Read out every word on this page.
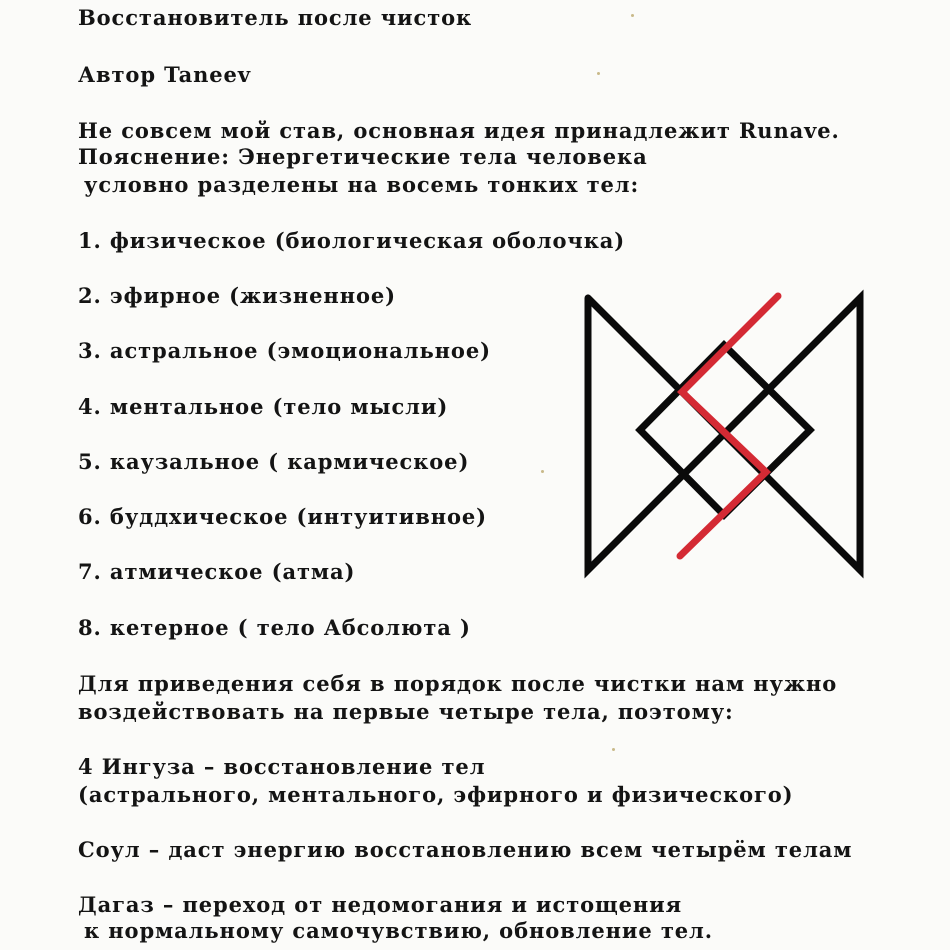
Восстановитель после чисток
Автор Taneev
Не совсем мой став, основная идея принадлежит Runave.
Пояснение: Энергетические тела человека
условно разделены на восемь тонких тел:
1. физическое (биологическая оболочка)
2. эфирное (жизненное)
3. астральное (эмоциональное)
4. ментальное (тело мысли)
5. каузальное ( кармическое)
6. буддхическое (интуитивное)
7. атмическое (атма)
8. кетерное ( тело Абсолюта )
Для приведения себя в порядок после чистки нам нужно
воздействовать на первые четыре тела, поэтому:
4 Ингуза – восстановление тел
(астрального, ментального, эфирного и физического)
Соул – даст энергию восстановлению всем четырём телам
Дагаз – переход от недомогания и истощения
к нормальному самочувствию, обновление тел.
